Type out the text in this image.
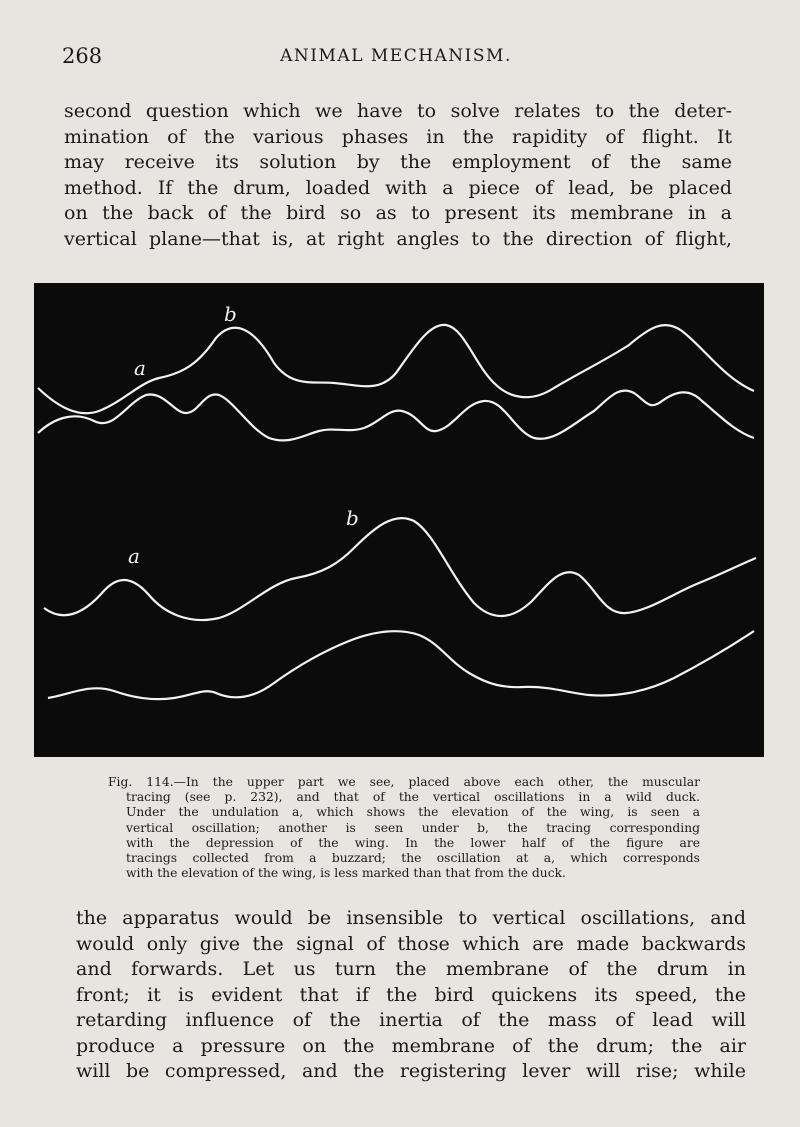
268	ANIMAL MECHANISM.
second question which we have to solve relates to the deter-
mination of the various phases in the rapidity of flight. It
may receive its solution by the employment of the same
method. If the drum, loaded with a piece of lead, be placed
on the back of the bird so as to present its membrane in a
vertical plane—that is, at right angles to the direction of flight,
a
b
a
b
Fig. 114.—In the upper part we see, placed above each other, the muscular
tracing (see p. 232), and that of the vertical oscillations in a wild duck.
Under the undulation a, which shows the elevation of the wing, is seen a
vertical oscillation; another is seen under b, the tracing corresponding
with the depression of the wing. In the lower half of the figure are
tracings collected from a buzzard; the oscillation at a, which corresponds
with the elevation of the wing, is less marked than that from the duck.
the apparatus would be insensible to vertical oscillations, and
would only give the signal of those which are made backwards
and forwards. Let us turn the membrane of the drum in
front; it is evident that if the bird quickens its speed, the
retarding influence of the inertia of the mass of lead will
produce a pressure on the membrane of the drum; the air
will be compressed, and the registering lever will rise; while
